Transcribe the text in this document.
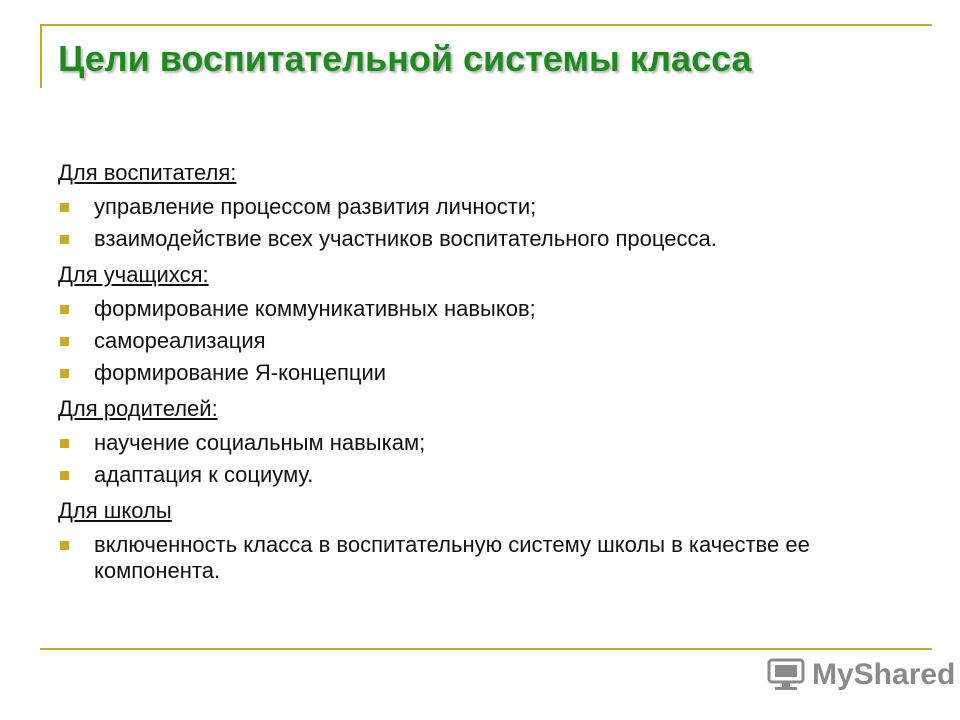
Цели воспитательной системы класса
Для воспитателя:
управление процессом развития личности;
взаимодействие всех участников воспитательного процесса.
Для учащихся:
формирование коммуникативных навыков;
самореализация
формирование Я-концепции
Для родителей:
научение социальным навыкам;
адаптация к социуму.
Для школы
включенность класса в воспитательную систему школы в качестве ее компонента.
MyShared
